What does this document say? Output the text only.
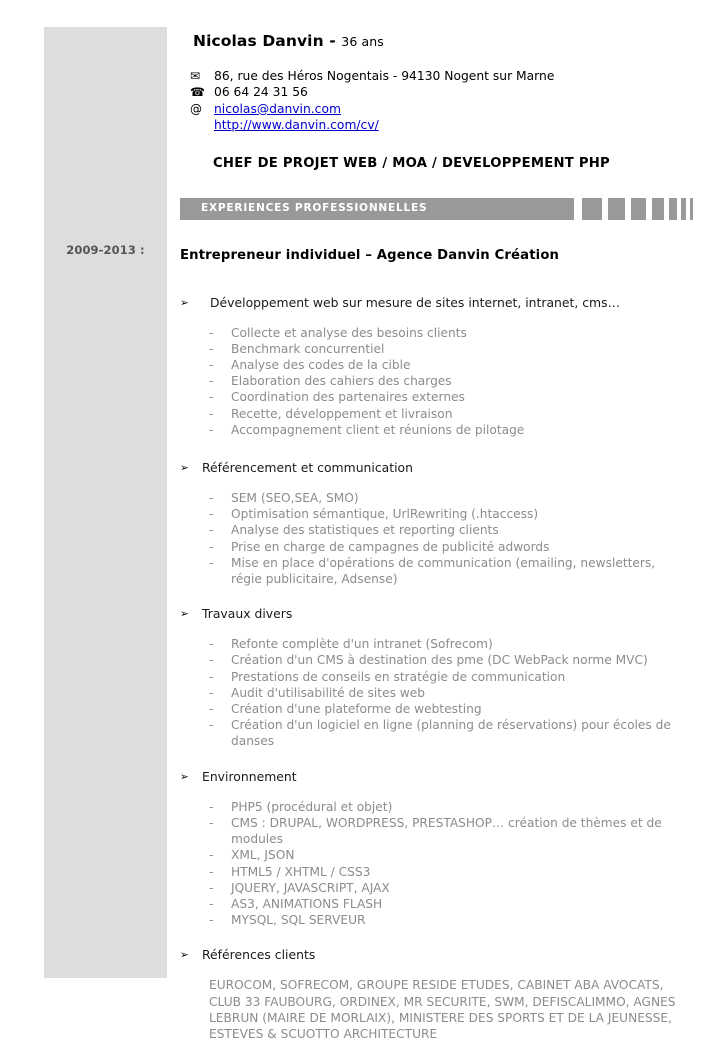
2009-2013 :
Nicolas Danvin - 36 ans
✉	86, rue des Héros Nogentais - 94130 Nogent sur Marne
☎ 06 64 24 31 56
@ nicolas@danvin.com
http://www.danvin.com/cv/
CHEF DE PROJET WEB / MOA / DEVELOPPEMENT PHP
EXPERIENCES PROFESSIONNELLES
Entrepreneur individuel – Agence Danvin Création
➢	Développement web sur mesure de sites internet, intranet, cms…
-	Collecte et analyse des besoins clients
-	Benchmark concurrentiel
-	Analyse des codes de la cible
-	Elaboration des cahiers des charges
-	Coordination des partenaires externes
-	Recette, développement et livraison
-	Accompagnement client et réunions de pilotage
➢	Référencement et communication
-	SEM (SEO,SEA, SMO)
-	Optimisation sémantique, UrlRewriting (.htaccess)
-	Analyse des statistiques et reporting clients
-	Prise en charge de campagnes de publicité adwords
-	Mise en place d'opérations de communication (emailing, newsletters, régie publicitaire, Adsense)
➢	Travaux divers
-	Refonte complète d'un intranet (Sofrecom)
-	Création d'un CMS à destination des pme (DC WebPack norme MVC)
-	Prestations de conseils en stratégie de communication
-	Audit d'utilisabilité de sites web
-	Création d'une plateforme de webtesting
-	Création d'un logiciel en ligne (planning de réservations) pour écoles de danses
➢	Environnement
-	PHP5 (procédural et objet)
-	CMS : DRUPAL, WORDPRESS, PRESTASHOP… création de thèmes et de modules
-	XML, JSON
-	HTML5 / XHTML / CSS3
-	JQUERY, JAVASCRIPT, AJAX
-	AS3, ANIMATIONS FLASH
-	MYSQL, SQL SERVEUR
➢	Références clients
EUROCOM, SOFRECOM, GROUPE RESIDE ETUDES, CABINET ABA AVOCATS, CLUB 33 FAUBOURG, ORDINEX, MR SECURITE, SWM, DEFISCALIMMO, AGNES LEBRUN (MAIRE DE MORLAIX), MINISTERE DES SPORTS ET DE LA JEUNESSE, ESTEVES & SCUOTTO ARCHITECTURE
